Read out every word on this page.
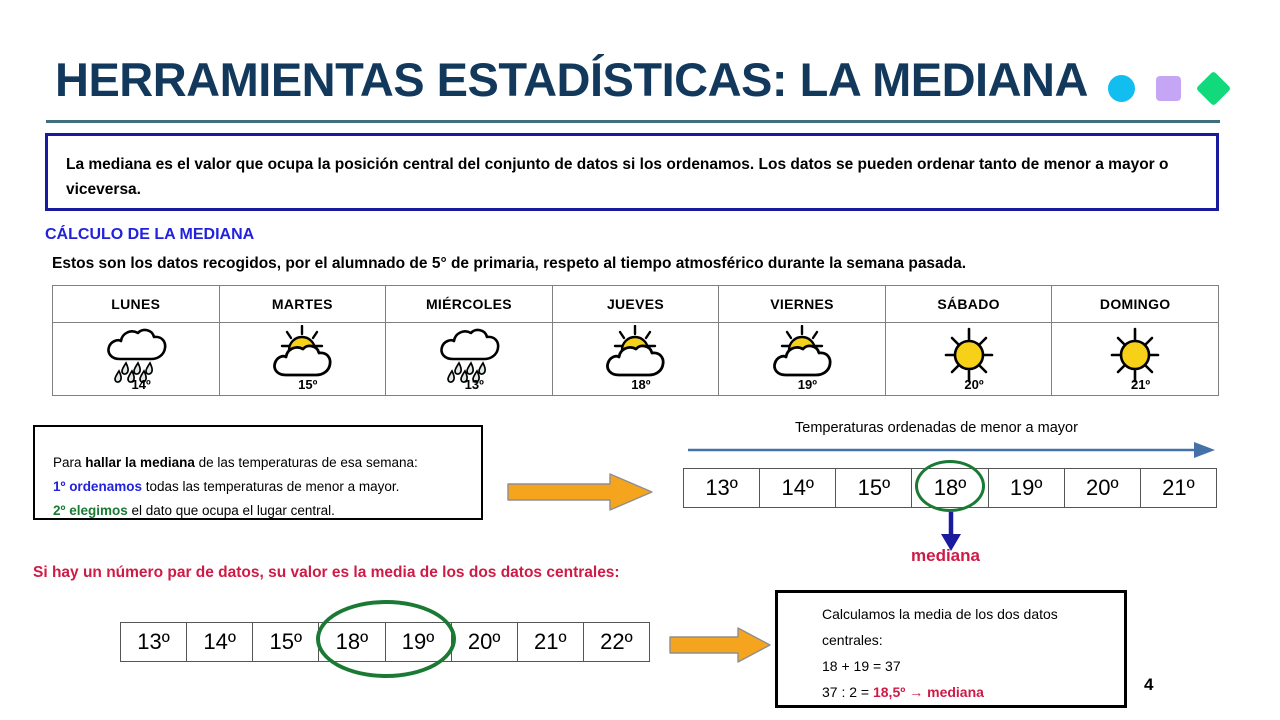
HERRAMIENTAS ESTADÍSTICAS: LA MEDIANA
La mediana es el valor que ocupa la posición central del conjunto de datos si los ordenamos. Los datos se pueden ordenar tanto de menor a mayor o viceversa.
CÁLCULO DE LA MEDIANA
Estos son los datos recogidos, por el alumnado de 5° de primaria, respeto al tiempo atmosférico durante la semana pasada.
LUNES	MARTES	MIÉRCOLES	JUEVES	VIERNES	SÁBADO	DOMINGO

14º	15º	13º	18º	19º	20º	21º
Para hallar la mediana de las temperaturas de esa semana:
1º ordenamos todas las temperaturas de menor a mayor.
2º elegimos el dato que ocupa el lugar central.
Temperaturas ordenadas de menor a mayor
13º	14º	15º	18º	19º	20º	21º
mediana
Si hay un número par de datos, su valor es la media de los dos datos centrales:
13º	14º	15º	18º	19º	20º	21º	22º
Calculamos la media de los dos datos
centrales:
18 + 19 = 37
37 : 2 = 18,5º → mediana	4
